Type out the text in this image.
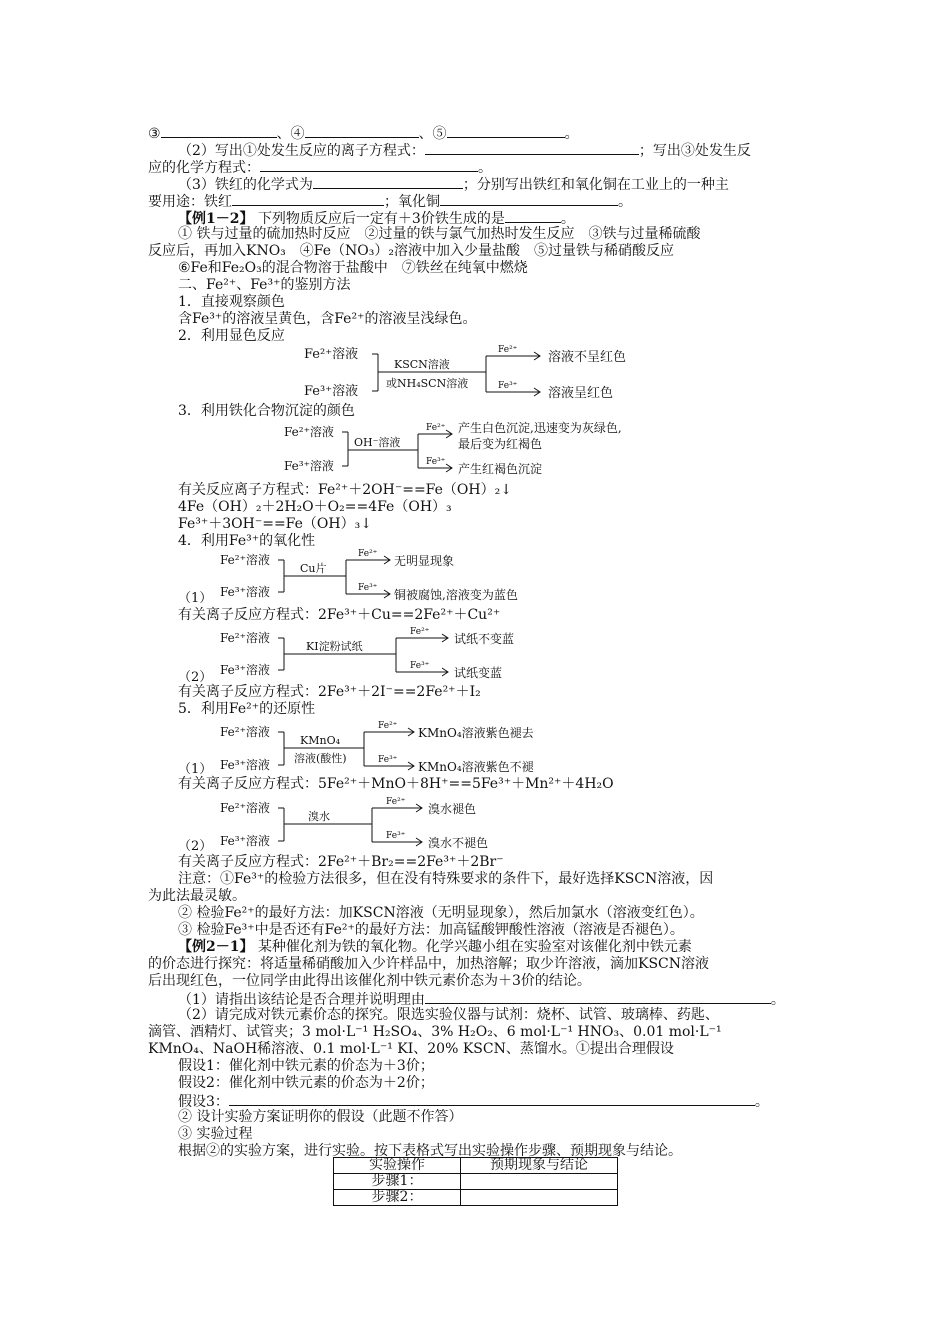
③	、④	、⑤	。
（2）写出①处发生反应的离子方程式：	；写出③处发生反
应的化学方程式：	。
（3）铁红的化学式为	；分别写出铁红和氧化铜在工业上的一种主
要用途：铁红	；氧化铜	。
【例1－2】 下列物质反应后一定有＋3价铁生成的是	。
① 铁与过量的硫加热时反应　②过量的铁与氯气加热时发生反应　③铁与过量稀硫酸
反应后，再加入KNO₃　④Fe（NO₃）₂溶液中加入少量盐酸　⑤过量铁与稀硝酸反应
⑥Fe和Fe₂O₃的混合物溶于盐酸中　⑦铁丝在纯氧中燃烧
二、Fe²⁺、Fe³⁺的鉴别方法
1．直接观察颜色
含Fe³⁺的溶液呈黄色，含Fe²⁺的溶液呈浅绿色。
2．利用显色反应
Fe²⁺溶液
Fe³⁺溶液
KSCN溶液
或NH₄SCN溶液
Fe²⁺
Fe³⁺
溶液不呈红色
溶液呈红色
3．利用铁化合物沉淀的颜色
Fe²⁺溶液
Fe³⁺溶液
OH⁻溶液
Fe²⁺
Fe³⁺
产生白色沉淀,迅速变为灰绿色,
最后变为红褐色
产生红褐色沉淀
有关反应离子方程式：Fe²⁺＋2OH⁻==Fe（OH）₂↓
4Fe（OH）₂＋2H₂O＋O₂==4Fe（OH）₃
Fe³⁺＋3OH⁻==Fe（OH）₃↓
4．利用Fe³⁺的氧化性
（1）
Fe²⁺溶液
Fe³⁺溶液
Cu片
Fe²⁺
Fe³⁺
无明显现象
铜被腐蚀,溶液变为蓝色
有关离子反应方程式：2Fe³⁺＋Cu==2Fe²⁺＋Cu²⁺
（2）
Fe²⁺溶液
Fe³⁺溶液
KI淀粉试纸
Fe²⁺
Fe³⁺
试纸不变蓝
试纸变蓝
有关离子反应方程式：2Fe³⁺＋2I⁻==2Fe²⁺＋I₂
5．利用Fe²⁺的还原性
（1）
Fe²⁺溶液
Fe³⁺溶液
KMnO₄
溶液(酸性)
Fe²⁺
Fe³⁺
KMnO₄溶液紫色褪去
KMnO₄溶液紫色不褪
有关离子反应方程式：5Fe²⁺＋MnO＋8H⁺==5Fe³⁺＋Mn²⁺＋4H₂O
（2）
Fe²⁺溶液
Fe³⁺溶液
溴水
Fe²⁺
Fe³⁺
溴水褪色
溴水不褪色
有关离子反应方程式：2Fe²⁺＋Br₂==2Fe³⁺＋2Br⁻
注意：①Fe³⁺的检验方法很多，但在没有特殊要求的条件下，最好选择KSCN溶液，因
为此法最灵敏。
② 检验Fe²⁺的最好方法：加KSCN溶液（无明显现象），然后加氯水（溶液变红色）。
③ 检验Fe³⁺中是否还有Fe²⁺的最好方法：加高锰酸钾酸性溶液（溶液是否褪色）。
【例2－1】 某种催化剂为铁的氧化物。化学兴趣小组在实验室对该催化剂中铁元素
的价态进行探究：将适量稀硝酸加入少许样品中，加热溶解；取少许溶液，滴加KSCN溶液
后出现红色，一位同学由此得出该催化剂中铁元素价态为＋3价的结论。
（1）请指出该结论是否合理并说明理由	。
（2）请完成对铁元素价态的探究。限选实验仪器与试剂：烧杯、试管、玻璃棒、药匙、
滴管、酒精灯、试管夹；3 mol·L⁻¹ H₂SO₄、3% H₂O₂、6 mol·L⁻¹ HNO₃、0.01 mol·L⁻¹
KMnO₄、NaOH稀溶液、0.1 mol·L⁻¹ KI、20% KSCN、蒸馏水。①提出合理假设
假设1：催化剂中铁元素的价态为＋3价；
假设2：催化剂中铁元素的价态为＋2价；
假设3：	。
② 设计实验方案证明你的假设（此题不作答）
③ 实验过程
根据②的实验方案，进行实验。按下表格式写出实验操作步骤、预期现象与结论。
实验操作	预期现象与结论
步骤1：	
步骤2：	
